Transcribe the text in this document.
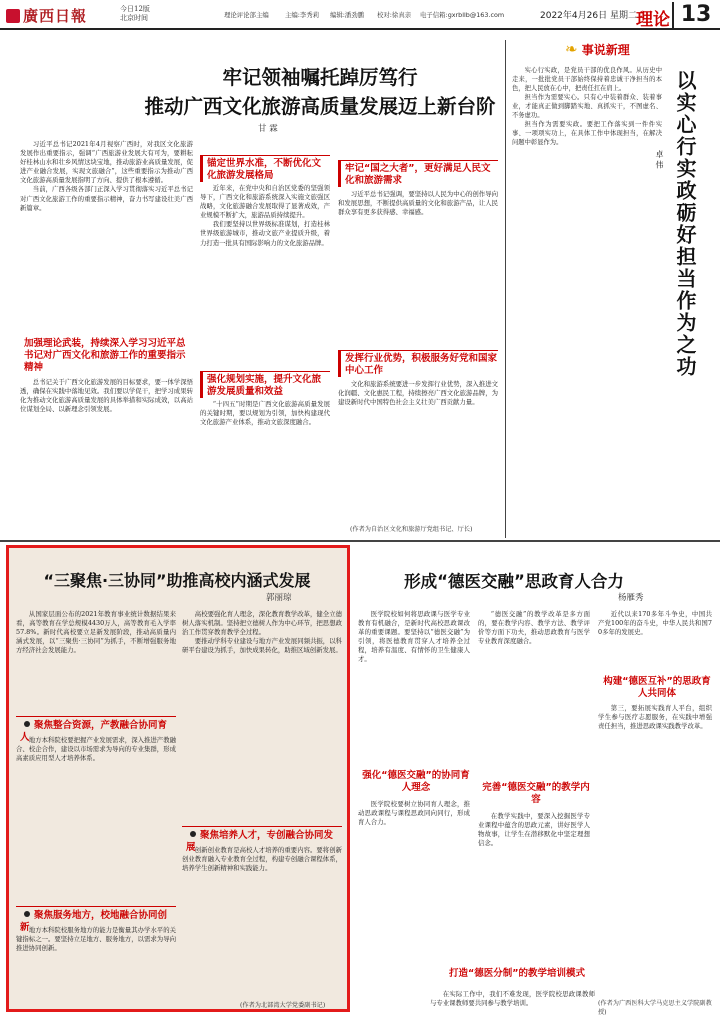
廣西日報	今日12版
北京时间	理论评论部主编	主编:李秀莉 编辑:潘劲鹏 校对:徐真亲 电子信箱:gxrbllb@163.com	2022年4月26日 星期二 理论 13
牢记领袖嘱托踔厉笃行
推动广西文化旅游高质量发展迈上新台阶
甘 霖

习近平总书记2021年4月视察广西时，对我区文化旅游发展作出重要指示，强调“广西旅游业发展大有可为，要耕耘好桂林山水和壮乡风情这块宝地，推动旅游业高质量发展，促进产业融合发展，实现文旅融合”，这些重要指示为推动广西文化旅游高质量发展指明了方向、提供了根本遵循。

当前，广西各级各部门正深入学习贯彻落实习近平总书记对广西文化旅游工作的重要指示精神，奋力书写建设壮美广西新篇章。

加强理论武装，持续深入学习习近平总书记对广西文化和旅游工作的重要指示精神

总书记关于广西文化旅游发展的目标要求，要一体学深悟透，确保在实践中落地见效。我们要以学促干，把学习成果转化为推动文化旅游高质量发展的具体举措和实际成效，以高站位谋划全局、以新理念引领发展。

锚定世界水准，不断优化文化旅游发展格局

近年来，在党中央和自治区党委的坚强领导下，广西文化和旅游系统深入实施文旅强区战略，文化旅游融合发展取得了显著成效，产业规模不断扩大，旅游品质持续提升。

我们要坚持以世界级标准谋划，打造桂林世界级旅游城市，推动文旅产业提质升级，着力打造一批具有国际影响力的文化旅游品牌。

强化规划实施，提升文化旅游发展质量和效益

“十四五”时期是广西文化旅游高质量发展的关键时期，要以规划为引领，加快构建现代文化旅游产业体系，推动文旅深度融合。

牢记“国之大者”，更好满足人民文化和旅游需求

习近平总书记强调，要坚持以人民为中心的创作导向和发展思想，不断提供高质量的文化和旅游产品，让人民群众享有更多获得感、幸福感。

发挥行业优势，积极服务好党和国家中心工作

文化和旅游系统要进一步发挥行业优势，深入推进文化润疆、文化惠民工程，持续擦亮广西文化旅游品牌，为建设新时代中国特色社会主义壮美广西贡献力量。

(作者为自治区文化和旅游厅党组书记、厅长)
❧ 事说新理

实心行实政，是党员干部的优良作风。从历史中走来，一批批党员干部始终保持着忠诚干净担当的本色，把人民放在心中，把责任扛在肩上。

担当作为需要实心。只有心中装着群众、装着事业，才能真正做到脚踏实地、真抓实干，不图虚名、不务虚功。

担当作为需要实政。要把工作落实到一件件实事、一项项实功上，在具体工作中体现担当，在解决问题中彰显作为。	以实心行实政砺好担当作为之功
卓 伟
“三聚焦·三协同”助推高校内涵式发展
郭丽琼

从国家层面公布的2021年教育事业统计数据结果来看，高等教育在学总规模4430万人，高等教育毛入学率57.8%。新时代高校要立足新发展阶段，推动高质量内涵式发展，以“三聚焦·三协同”为抓手，不断增强服务地方经济社会发展能力。

聚焦整合资源，产教融合协同育人 地方本科院校要把握产业发展需求，深入推进产教融合、校企合作，建设以市场需求为导向的专业集群，形成高素质应用型人才培养体系。

聚焦服务地方，校地融合协同创新 地方本科院校服务地方的能力是衡量其办学水平的关键指标之一。要坚持立足地方、服务地方，以需求为导向推进协同创新。

高校要强化育人理念，深化教育教学改革，健全立德树人落实机制。坚持把立德树人作为中心环节，把思想政治工作贯穿教育教学全过程。

要推动学科专业建设与地方产业发展同频共振，以科研平台建设为抓手，加快成果转化，助推区域创新发展。

聚焦培养人才，专创融合协同发展 创新创业教育是高校人才培养的重要内容。要将创新创业教育融入专业教育全过程，构建专创融合课程体系，培养学生创新精神和实践能力。

(作者为北部湾大学党委副书记)
形成“德医交融”思政育人合力
杨雁秀

医学院校如何将思政课与医学专业教育有机融合，是新时代高校思政课改革的重要课题。要坚持以“德医交融”为引领，将医德教育贯穿人才培养全过程，培养有温度、有情怀的卫生健康人才。

强化“德医交融”的协同育人理念

医学院校要树立协同育人理念，推动思政课程与课程思政同向同行，形成育人合力。

“德医交融”的教学改革是多方面的，要在教学内容、教学方法、教学评价等方面下功夫，推动思政教育与医学专业教育深度融合。

完善“德医交融”的教学内容

在教学实践中，要深入挖掘医学专业课程中蕴含的思政元素，讲好医学人物故事，让学生在潜移默化中坚定理想信念。

近代以来170多年斗争史，中国共产党100年的奋斗史，中华人民共和国70多年的发展史。

构建“德医互补”的思政育人共同体

第三，要拓展实践育人平台，组织学生参与医疗志愿服务，在实践中增强责任担当，推进思政课实践教学改革。

(作者为广西医科大学马克思主义学院副教授)
打造“德医分制”的教学培训模式

在实际工作中，我们不难发现，医学院校思政课教师与专业课教师要共同参与教学培训。
